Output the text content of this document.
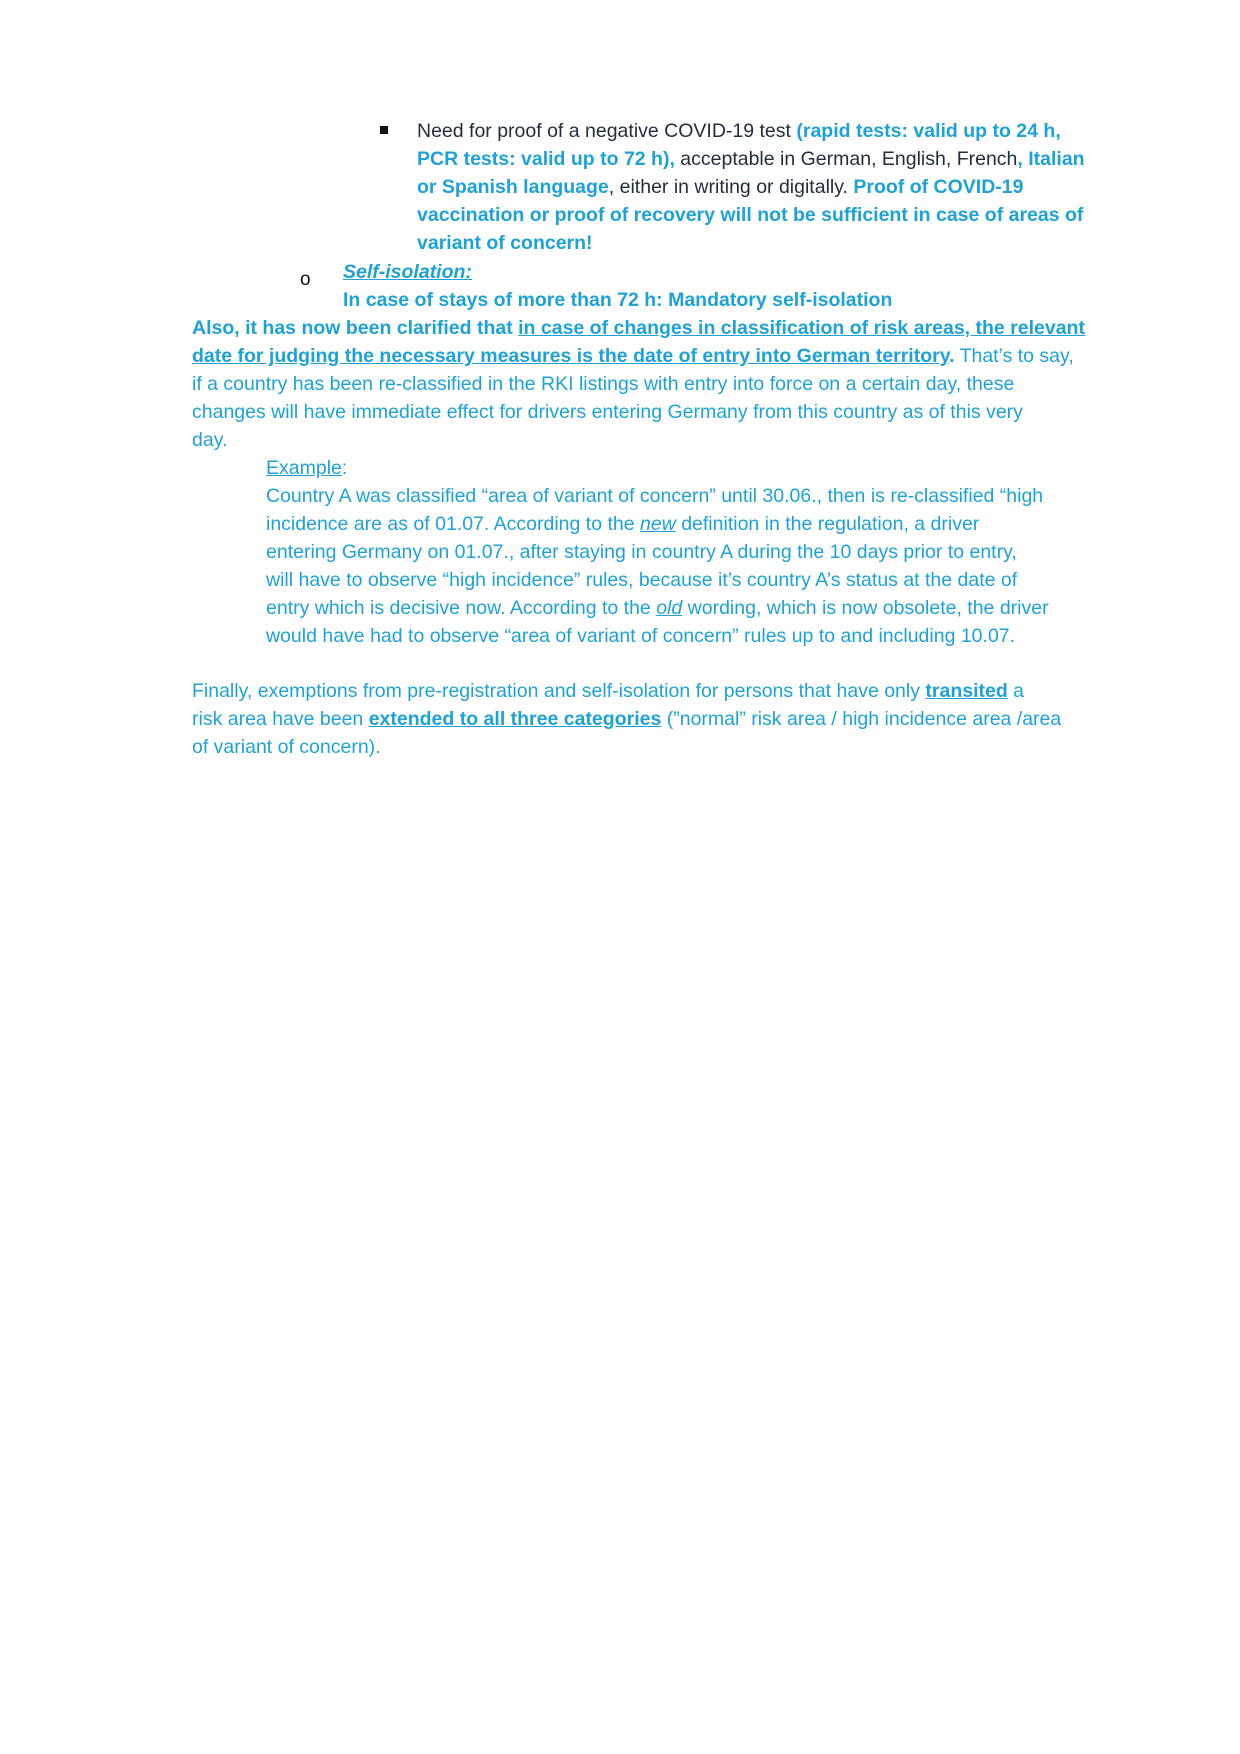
o
Need for proof of a negative COVID-19 test (rapid tests: valid up to 24 h,
PCR tests: valid up to 72 h), acceptable in German, English, French, Italian
or Spanish language, either in writing or digitally. Proof of COVID-19
vaccination or proof of recovery will not be sufficient in case of areas of
variant of concern!
Self-isolation:
In case of stays of more than 72 h: Mandatory self-isolation
Also, it has now been clarified that in case of changes in classification of risk areas, the relevant
date for judging the necessary measures is the date of entry into German territory. That’s to say,
if a country has been re-classified in the RKI listings with entry into force on a certain day, these
changes will have immediate effect for drivers entering Germany from this country as of this very
day.
Example:
Country A was classified “area of variant of concern” until 30.06., then is re-classified “high
incidence are as of 01.07. According to the new definition in the regulation, a driver
entering Germany on 01.07., after staying in country A during the 10 days prior to entry,
will have to observe “high incidence” rules, because it’s country A’s status at the date of
entry which is decisive now. According to the old wording, which is now obsolete, the driver
would have had to observe “area of variant of concern” rules up to and including 10.07.
Finally, exemptions from pre-registration and self-isolation for persons that have only transited a
risk area have been extended to all three categories (”normal” risk area / high incidence area /area
of variant of concern).
